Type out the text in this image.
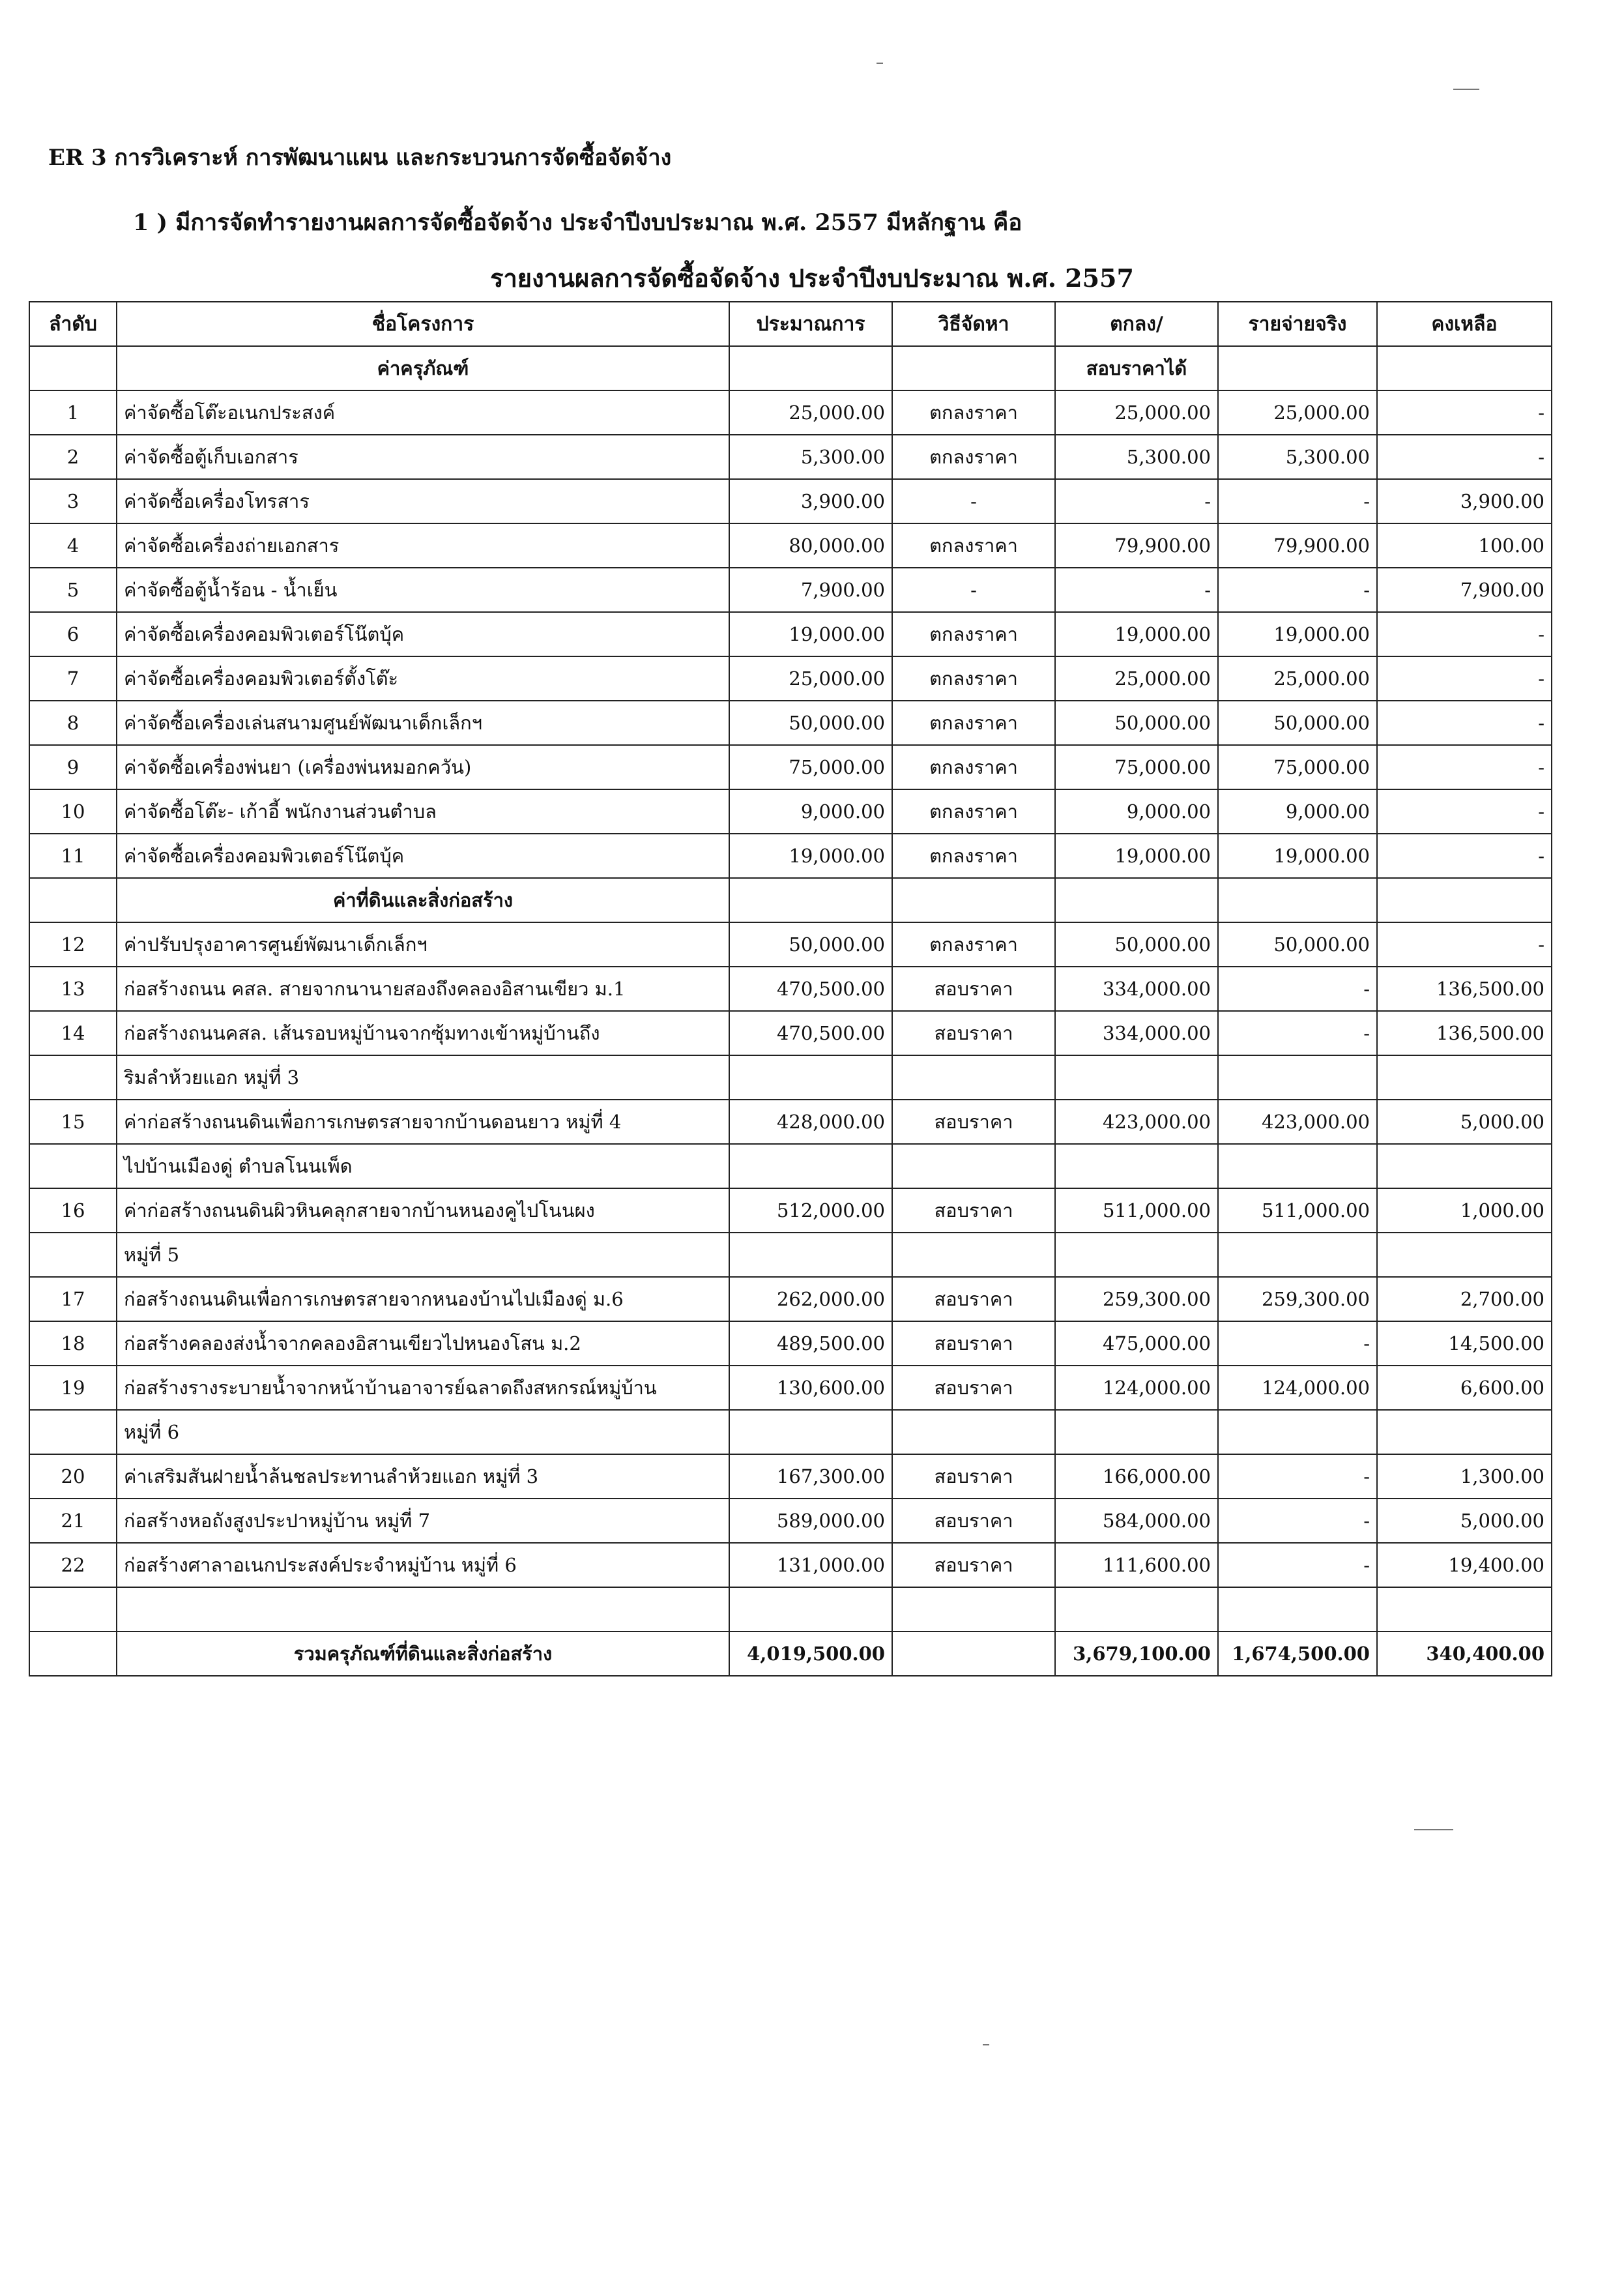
ER 3 การวิเคราะห์ การพัฒนาแผน และกระบวนการจัดซื้อจัดจ้าง
1 ) มีการจัดทำรายงานผลการจัดซื้อจัดจ้าง ประจำปีงบประมาณ พ.ศ. 2557 มีหลักฐาน คือ
รายงานผลการจัดซื้อจัดจ้าง ประจำปีงบประมาณ พ.ศ. 2557
ลำดับ	ชื่อโครงการ	ประมาณการ	วิธีจัดหา	ตกลง/	รายจ่ายจริง	คงเหลือ
	ค่าครุภัณฑ์			สอบราคาได้		
1	ค่าจัดซื้อโต๊ะอเนกประสงค์	25,000.00	ตกลงราคา	25,000.00	25,000.00	-
2	ค่าจัดซื้อตู้เก็บเอกสาร	5,300.00	ตกลงราคา	5,300.00	5,300.00	-
3	ค่าจัดซื้อเครื่องโทรสาร	3,900.00	-	-	-	3,900.00
4	ค่าจัดซื้อเครื่องถ่ายเอกสาร	80,000.00	ตกลงราคา	79,900.00	79,900.00	100.00
5	ค่าจัดซื้อตู้น้ำร้อน - น้ำเย็น	7,900.00	-	-	-	7,900.00
6	ค่าจัดซื้อเครื่องคอมพิวเตอร์โน๊ตบุ้ค	19,000.00	ตกลงราคา	19,000.00	19,000.00	-
7	ค่าจัดซื้อเครื่องคอมพิวเตอร์ตั้งโต๊ะ	25,000.00	ตกลงราคา	25,000.00	25,000.00	-
8	ค่าจัดซื้อเครื่องเล่นสนามศูนย์พัฒนาเด็กเล็กฯ	50,000.00	ตกลงราคา	50,000.00	50,000.00	-
9	ค่าจัดซื้อเครื่องพ่นยา (เครื่องพ่นหมอกควัน)	75,000.00	ตกลงราคา	75,000.00	75,000.00	-
10	ค่าจัดซื้อโต๊ะ- เก้าอี้ พนักงานส่วนตำบล	9,000.00	ตกลงราคา	9,000.00	9,000.00	-
11	ค่าจัดซื้อเครื่องคอมพิวเตอร์โน๊ตบุ้ค	19,000.00	ตกลงราคา	19,000.00	19,000.00	-
	ค่าที่ดินและสิ่งก่อสร้าง					
12	ค่าปรับปรุงอาคารศูนย์พัฒนาเด็กเล็กฯ	50,000.00	ตกลงราคา	50,000.00	50,000.00	-
13	ก่อสร้างถนน คสล. สายจากนานายสองถึงคลองอิสานเขียว ม.1	470,500.00	สอบราคา	334,000.00	-	136,500.00
14	ก่อสร้างถนนคสล. เส้นรอบหมู่บ้านจากซุ้มทางเข้าหมู่บ้านถึง	470,500.00	สอบราคา	334,000.00	-	136,500.00
	ริมลำห้วยแอก หมู่ที่ 3					
15	ค่าก่อสร้างถนนดินเพื่อการเกษตรสายจากบ้านดอนยาว หมู่ที่ 4	428,000.00	สอบราคา	423,000.00	423,000.00	5,000.00
	ไปบ้านเมืองดู่ ตำบลโนนเพ็ด					
16	ค่าก่อสร้างถนนดินผิวหินคลุกสายจากบ้านหนองคูไปโนนผง	512,000.00	สอบราคา	511,000.00	511,000.00	1,000.00
	หมู่ที่ 5					
17	ก่อสร้างถนนดินเพื่อการเกษตรสายจากหนองบ้านไปเมืองดู่ ม.6	262,000.00	สอบราคา	259,300.00	259,300.00	2,700.00
18	ก่อสร้างคลองส่งน้ำจากคลองอิสานเขียวไปหนองโสน ม.2	489,500.00	สอบราคา	475,000.00	-	14,500.00
19	ก่อสร้างรางระบายน้ำจากหน้าบ้านอาจารย์ฉลาดถึงสหกรณ์หมู่บ้าน	130,600.00	สอบราคา	124,000.00	124,000.00	6,600.00
	หมู่ที่ 6					
20	ค่าเสริมสันฝายน้ำล้นชลประทานลำห้วยแอก หมู่ที่ 3	167,300.00	สอบราคา	166,000.00	-	1,300.00
21	ก่อสร้างหอถังสูงประปาหมู่บ้าน หมู่ที่ 7	589,000.00	สอบราคา	584,000.00	-	5,000.00
22	ก่อสร้างศาลาอเนกประสงค์ประจำหมู่บ้าน หมู่ที่ 6	131,000.00	สอบราคา	111,600.00	-	19,400.00

	รวมครุภัณฑ์ที่ดินและสิ่งก่อสร้าง	4,019,500.00		3,679,100.00	1,674,500.00	340,400.00
